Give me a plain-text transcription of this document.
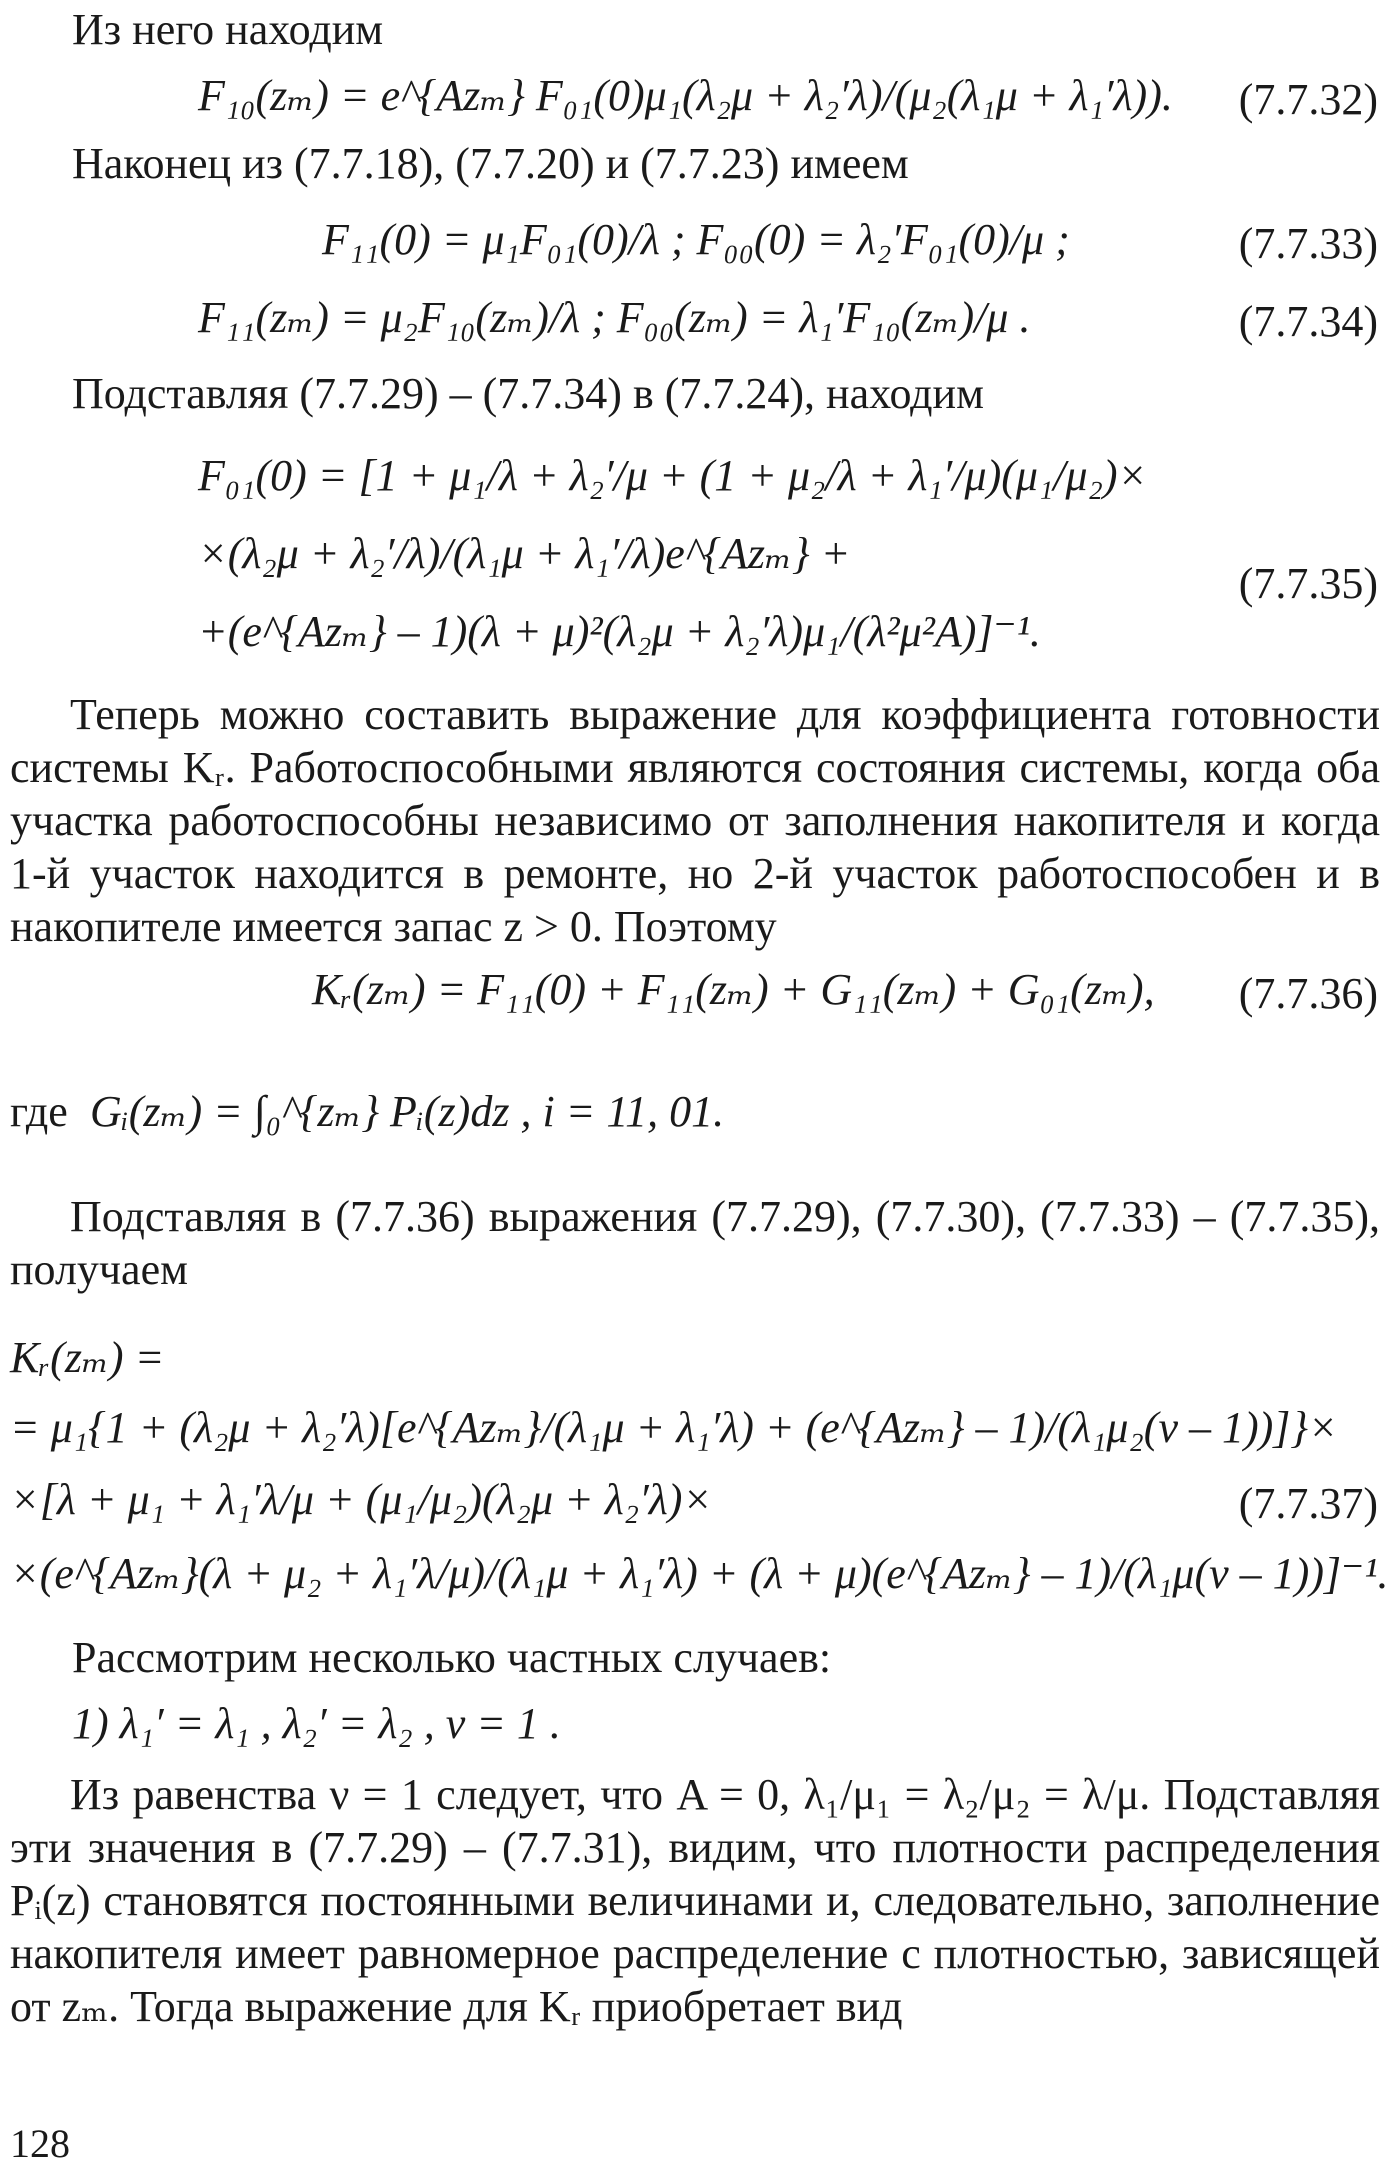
Из него находим
F₁₀(zₘ) = e^{Azₘ} F₀₁(0)μ₁(λ₂μ + λ₂′λ)/(μ₂(λ₁μ + λ₁′λ)). (7.7.32)
Наконец из (7.7.18), (7.7.20) и (7.7.23) имеем
F₁₁(0) = μ₁F₀₁(0)/λ ; F₀₀(0) = λ₂′F₀₁(0)/μ ;	(7.7.33)
F₁₁(zₘ) = μ₂F₁₀(zₘ)/λ ; F₀₀(zₘ) = λ₁′F₁₀(zₘ)/μ .	(7.7.34)
Подставляя (7.7.29) – (7.7.34) в (7.7.24), находим
F₀₁(0) = [1 + μ₁/λ + λ₂′/μ + (1 + μ₂/λ + λ₁′/μ)(μ₁/μ₂)×
×(λ₂μ + λ₂′/λ)/(λ₁μ + λ₁′/λ)e^{Azₘ} +
(7.7.35)
+(e^{Azₘ} – 1)(λ + μ)²(λ₂μ + λ₂′λ)μ₁/(λ²μ²A)]⁻¹.
Теперь можно составить выражение для коэффициента готовности системы Kᵣ. Работоспособными являются состояния системы, когда оба участка работоспособны независимо от заполнения накопителя и когда 1-й участок находится в ремонте, но 2-й участок работоспособен и в накопителе имеется запас z > 0. Поэтому
Kᵣ(zₘ) = F₁₁(0) + F₁₁(zₘ) + G₁₁(zₘ) + G₀₁(zₘ), (7.7.36)
где Gᵢ(zₘ) = ∫₀^{zₘ} Pᵢ(z)dz , i = 11, 01.
Подставляя в (7.7.36) выражения (7.7.29), (7.7.30), (7.7.33) – (7.7.35), получаем
Kᵣ(zₘ) =
= μ₁{1 + (λ₂μ + λ₂′λ)[e^{Azₘ}/(λ₁μ + λ₁′λ) + (e^{Azₘ} – 1)/(λ₁μ₂(ν – 1))]}×
×[λ + μ₁ + λ₁′λ/μ + (μ₁/μ₂)(λ₂μ + λ₂′λ)×	(7.7.37)
×(e^{Azₘ}(λ + μ₂ + λ₁′λ/μ)/(λ₁μ + λ₁′λ) + (λ + μ)(e^{Azₘ} – 1)/(λ₁μ(ν – 1))]⁻¹.
Рассмотрим несколько частных случаев:
1) λ₁′ = λ₁ , λ₂′ = λ₂ , ν = 1 .
Из равенства ν = 1 следует, что A = 0, λ₁/μ₁ = λ₂/μ₂ = λ/μ. Подставляя эти значения в (7.7.29) – (7.7.31), видим, что плотности распределения Pᵢ(z) становятся постоянными величинами и, следовательно, заполнение накопителя имеет равномерное распределение с плотностью, зависящей от zₘ. Тогда выражение для Kᵣ приобретает вид
128
